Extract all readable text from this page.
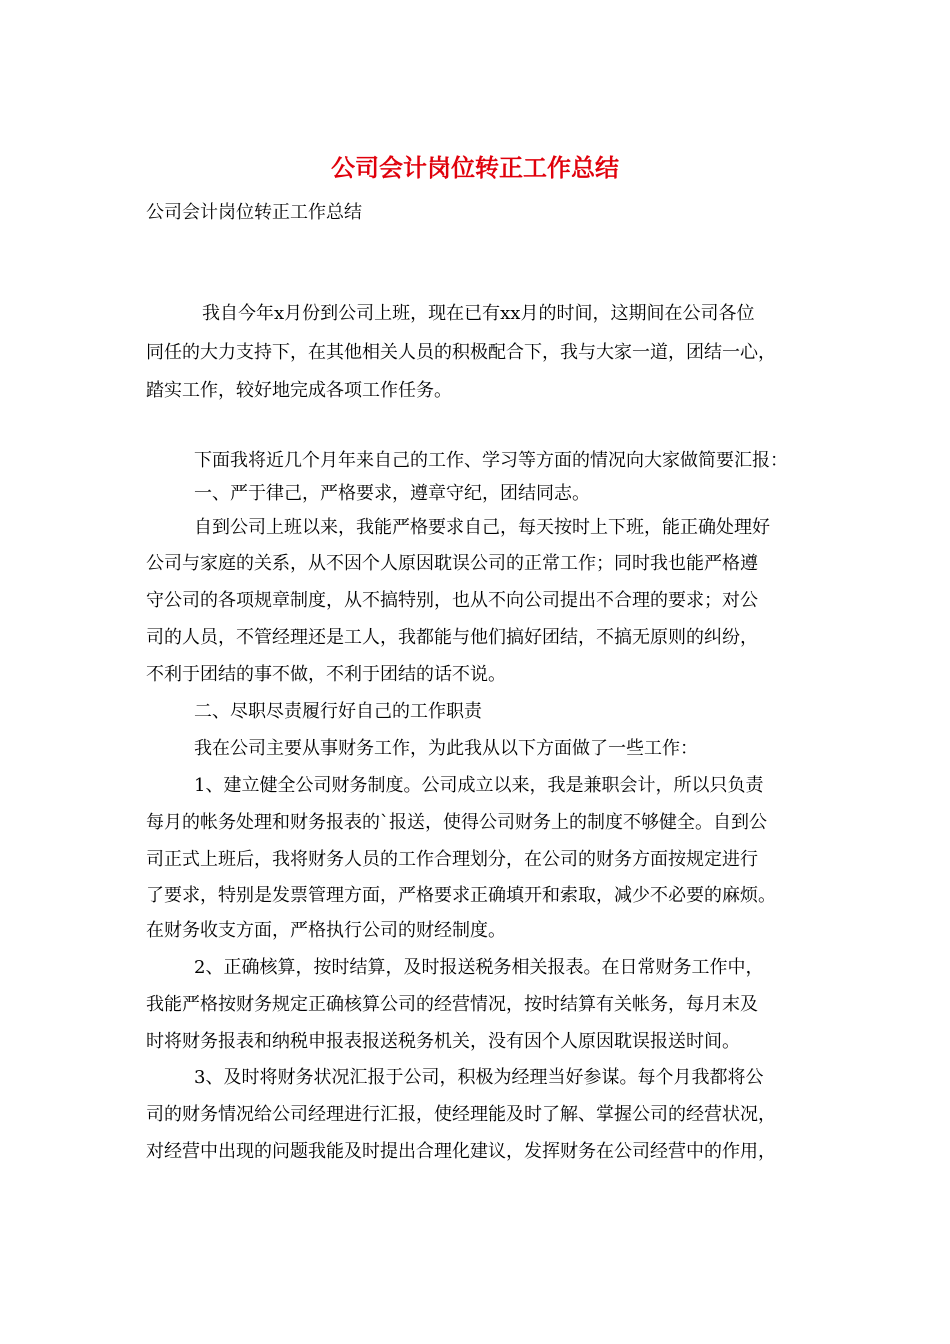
公司会计岗位转正工作总结

公司会计岗位转正工作总结

我自今年x月份到公司上班，现在已有xx月的时间，这期间在公司各位

同任的大力支持下，在其他相关人员的积极配合下，我与大家一道，团结一心，

踏实工作，较好地完成各项工作任务。

下面我将近几个月年来自己的工作、学习等方面的情况向大家做简要汇报：

一、严于律己，严格要求，遵章守纪，团结同志。

自到公司上班以来，我能严格要求自己，每天按时上下班，能正确处理好

公司与家庭的关系，从不因个人原因耽误公司的正常工作；同时我也能严格遵

守公司的各项规章制度，从不搞特别，也从不向公司提出不合理的要求；对公

司的人员，不管经理还是工人，我都能与他们搞好团结，不搞无原则的纠纷，

不利于团结的事不做，不利于团结的话不说。

二、尽职尽责履行好自己的工作职责

我在公司主要从事财务工作，为此我从以下方面做了一些工作：

1、建立健全公司财务制度。公司成立以来，我是兼职会计，所以只负责

每月的帐务处理和财务报表的`报送，使得公司财务上的制度不够健全。自到公

司正式上班后，我将财务人员的工作合理划分，在公司的财务方面按规定进行

了要求，特别是发票管理方面，严格要求正确填开和索取，减少不必要的麻烦。

在财务收支方面，严格执行公司的财经制度。

2、正确核算，按时结算，及时报送税务相关报表。在日常财务工作中，

我能严格按财务规定正确核算公司的经营情况，按时结算有关帐务，每月末及

时将财务报表和纳税申报表报送税务机关，没有因个人原因耽误报送时间。

3、及时将财务状况汇报于公司，积极为经理当好参谋。每个月我都将公

司的财务情况给公司经理进行汇报，使经理能及时了解、掌握公司的经营状况，

对经营中出现的问题我能及时提出合理化建议，发挥财务在公司经营中的作用，
